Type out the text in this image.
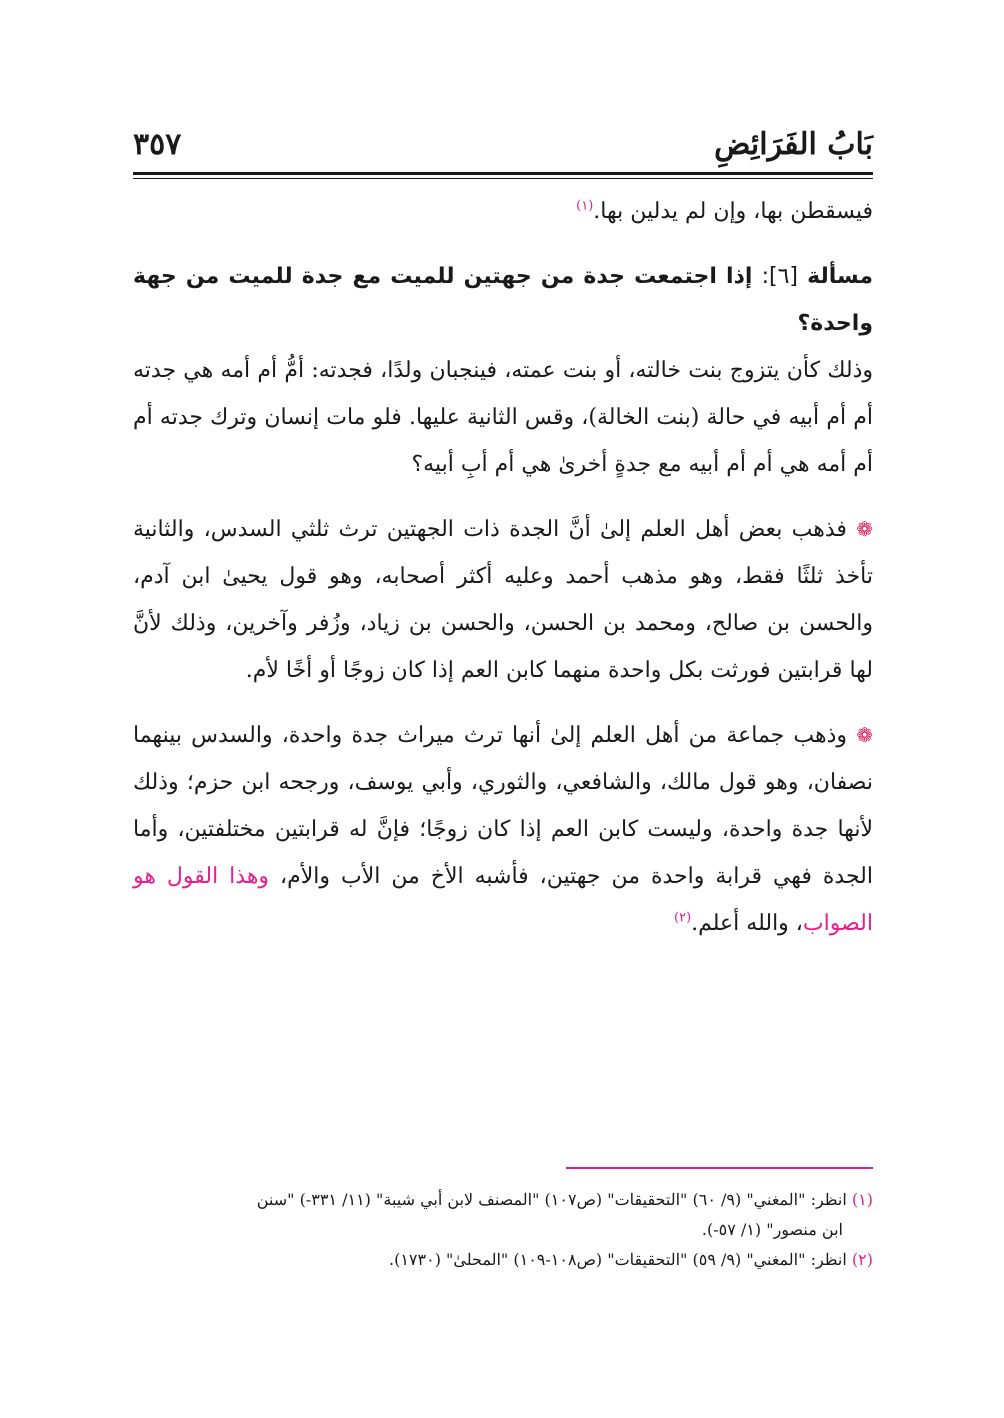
٣٥٧	بَابُ الفَرَائِضِ

فيسقطن بها، وإن لم يدلين بها.$^{(١)}$

مسألة [٦]: إذا اجتمعت جدة من جهتين للميت مع جدة للميت من جهة واحدة؟

وذلك كأن يتزوج بنت خالته، أو بنت عمته، فينجبان ولدًا، فجدته: أمُّ أم أمه هي جدته أم أم أبيه في حالة (بنت الخالة)، وقس الثانية عليها. فلو مات إنسان وترك جدته أم أم أمه هي أم أم أبيه مع جدةٍ أخرىٰ هي أم أبِ أبيه؟

❁ فذهب بعض أهل العلم إلىٰ أنَّ الجدة ذات الجهتين ترث ثلثي السدس، والثانية تأخذ ثلثًا فقط، وهو مذهب أحمد وعليه أكثر أصحابه، وهو قول يحيىٰ ابن آدم، والحسن بن صالح، ومحمد بن الحسن، والحسن بن زياد، وزُفر وآخرين، وذلك لأنَّ لها قرابتين فورثت بكل واحدة منهما كابن العم إذا كان زوجًا أو أخًا لأم.

❁ وذهب جماعة من أهل العلم إلىٰ أنها ترث ميراث جدة واحدة، والسدس بينهما نصفان، وهو قول مالك، والشافعي، والثوري، وأبي يوسف، ورجحه ابن حزم؛ وذلك لأنها جدة واحدة، وليست كابن العم إذا كان زوجًا؛ فإنَّ له قرابتين مختلفتين، وأما الجدة فهي قرابة واحدة من جهتين، فأشبه الأخ من الأب والأم، وهذا القول هو الصواب، والله أعلم.$^{(٢)}$

(١) انظر: "المغني" (٩/ ٦٠) "التحقيقات" (ص١٠٧) "المصنف لابن أبي شيبة" (١١/ ٣٣١-) "سنن

ابن منصور" (١/ ٥٧-).

(٢) انظر: "المغني" (٩/ ٥٩) "التحقيقات" (ص١٠٨-١٠٩) "المحلیٰ" (١٧٣٠).
